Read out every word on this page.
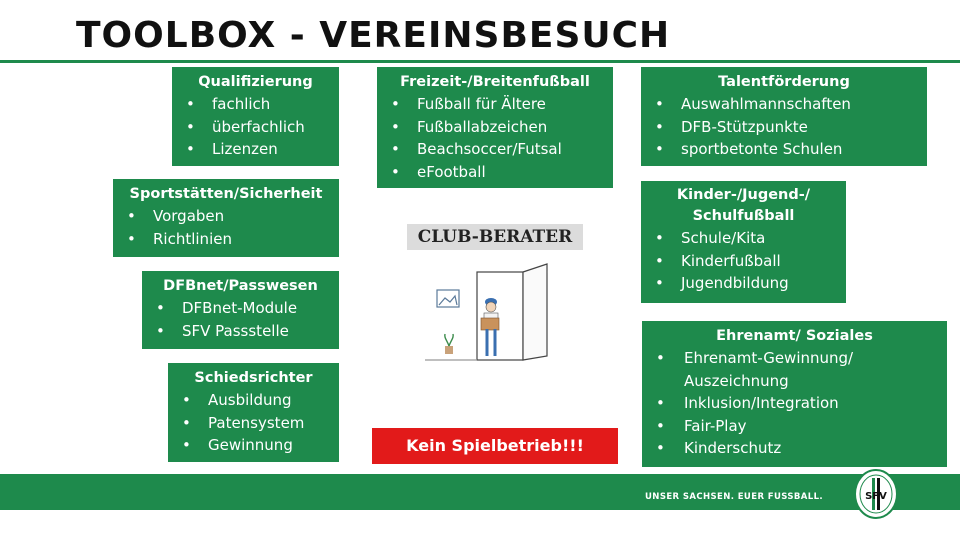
TOOLBOX - VEREINSBESUCH
Qualifizierung
•	fachlich
•	überfachlich
•	Lizenzen
Freizeit-/Breitenfußball
•	Fußball für Ältere
•	Fußballabzeichen
•	Beachsoccer/Futsal
•	eFootball
Talentförderung
•	Auswahlmannschaften
•	DFB-Stützpunkte
•	sportbetonte Schulen
Sportstätten/Sicherheit
•	Vorgaben
•	Richtlinien
Kinder-/Jugend-/
Schulfußball
•	Schule/Kita
•	Kinderfußball
•	Jugendbildung
DFBnet/Passwesen
•	DFBnet-Module
•	SFV Passstelle
Schiedsrichter
•	Ausbildung
•	Patensystem
•	Gewinnung
Ehrenamt/ Soziales
•	Ehrenamt-Gewinnung/ Auszeichnung
•	Inklusion/Integration
•	Fair-Play
•	Kinderschutz
CLUB-BERATER
Kein Spielbetrieb!!!
UNSER SACHSEN. EUER FUSSBALL.	SFV
